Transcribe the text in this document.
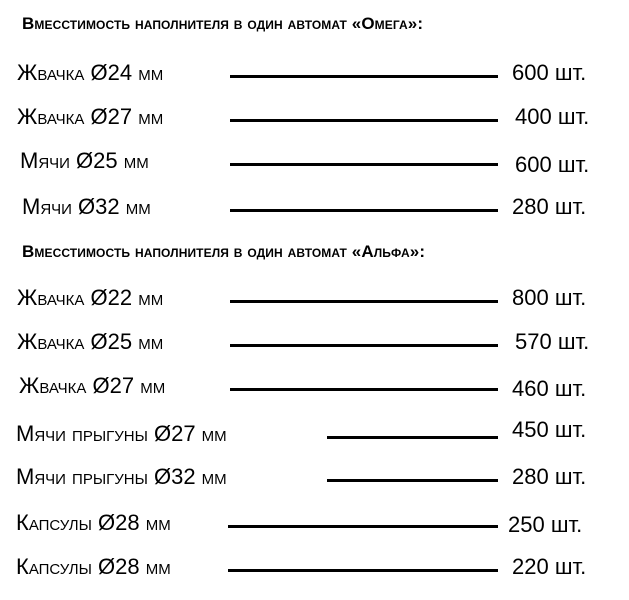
Вмесстимость наполнителя в один автомат «Омега»:
Жвачка Ø24 мм	600 шт.
Жвачка Ø27 мм	400 шт.
Мячи Ø25 мм	600 шт.
Мячи Ø32 мм	280 шт.
Вмесстимость наполнителя в один автомат «Альфа»:
Жвачка Ø22 мм	800 шт.
Жвачка Ø25 мм	570 шт.
Жвачка Ø27 мм	460 шт.
Мячи прыгуны Ø27 мм	450 шт.
Мячи прыгуны Ø32 мм	280 шт.
Капсулы Ø28 мм	250 шт.
Капсулы Ø28 мм	220 шт.
